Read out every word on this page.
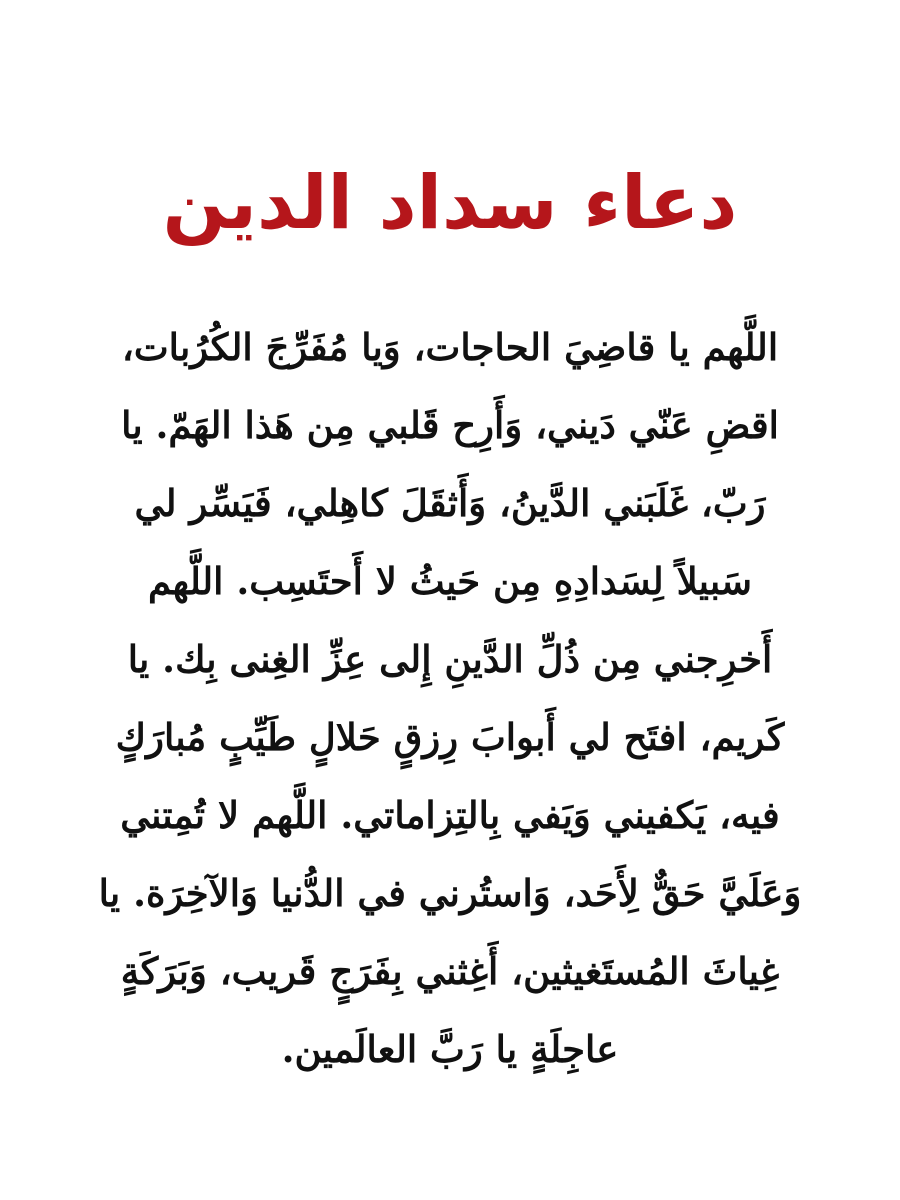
دعاء سداد الدين
اللَّهم يا قاضِيَ الحاجات، وَيا مُفَرِّجَ الكُرُبات،
اقضِ عَنّي دَيني، وَأَرِح قَلبي مِن هَذا الهَمّ. يا
رَبّ، غَلَبَني الدَّينُ، وَأَثقَلَ كاهِلي، فَيَسِّر لي
سَبيلاً لِسَدادِهِ مِن حَيثُ لا أَحتَسِب. اللَّهم
أَخرِجني مِن ذُلِّ الدَّينِ إِلى عِزِّ الغِنى بِك. يا
كَريم، افتَح لي أَبوابَ رِزقٍ حَلالٍ طَيِّبٍ مُبارَكٍ
فيه، يَكفيني وَيَفي بِالتِزاماتي. اللَّهم لا تُمِتني
وَعَلَيَّ حَقٌّ لِأَحَد، وَاستُرني في الدُّنيا وَالآخِرَة. يا
غِياثَ المُستَغيثين، أَغِثني بِفَرَجٍ قَريب، وَبَرَكَةٍ
عاجِلَةٍ يا رَبَّ العالَمين.
